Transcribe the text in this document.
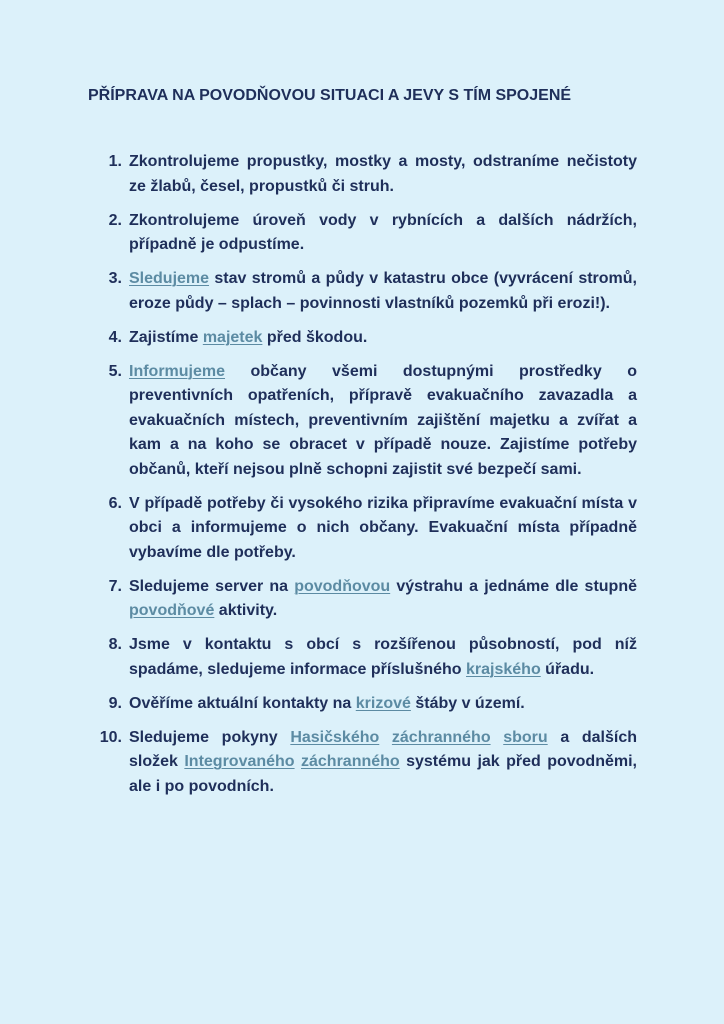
PŘÍPRAVA NA POVODŇOVOU SITUACI A JEVY S TÍM SPOJENÉ
1. Zkontrolujeme propustky, mostky a mosty, odstraníme nečistoty ze žlabů, česel, propustků či struh.
2. Zkontrolujeme úroveň vody v rybnících a dalších nádržích, případně je odpustíme.
3. Sledujeme stav stromů a půdy v katastru obce (vyvrácení stromů, eroze půdy – splach – povinnosti vlastníků pozemků při erozi!).
4. Zajistíme majetek před škodou.
5. Informujeme občany všemi dostupnými prostředky o preventivních opatřeních, přípravě evakuačního zavazadla a evakuačních místech, preventivním zajištění majetku a zvířat a kam a na koho se obracet v případě nouze. Zajistíme potřeby občanů, kteří nejsou plně schopni zajistit své bezpečí sami.
6. V případě potřeby či vysokého rizika připravíme evakuační místa v obci a informujeme o nich občany. Evakuační místa případně vybavíme dle potřeby.
7. Sledujeme server na povodňovou výstrahu a jednáme dle stupně povodňové aktivity.
8. Jsme v kontaktu s obcí s rozšířenou působností, pod níž spadáme, sledujeme informace příslušného krajského úřadu.
9. Ověříme aktuální kontakty na krizové štáby v území.
10. Sledujeme pokyny Hasičského záchranného sboru a dalších složek Integrovaného záchranného systému jak před povodněmi, ale i po povodních.
